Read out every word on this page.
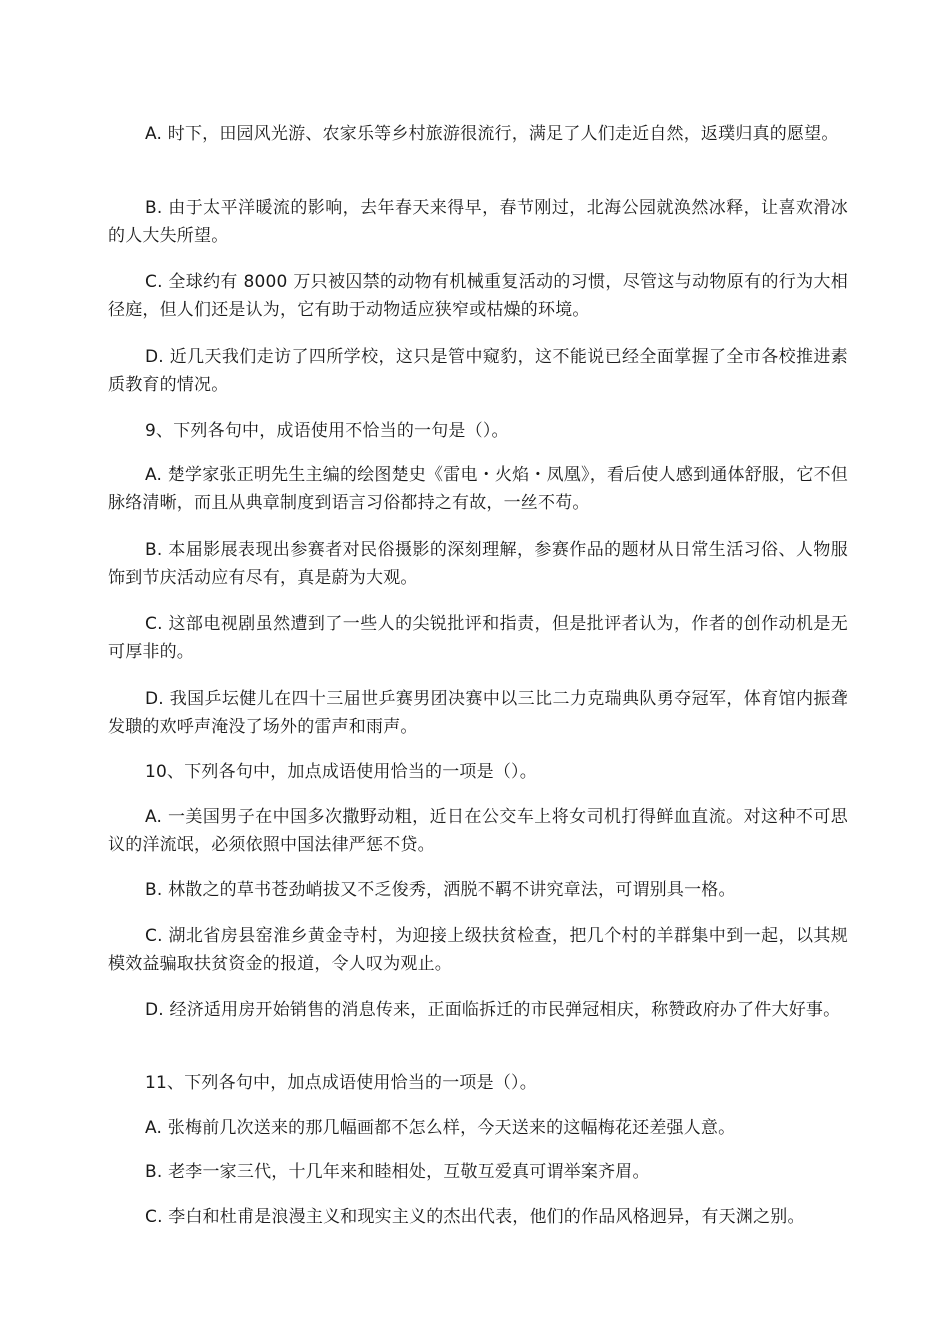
A. 时下，田园风光游、农家乐等乡村旅游很流行，满足了人们走近自然，返璞归真的愿望。

B. 由于太平洋暖流的影响，去年春天来得早，春节刚过，北海公园就涣然冰释，让喜欢滑冰的人大失所望。

C. 全球约有 8000 万只被囚禁的动物有机械重复活动的习惯，尽管这与动物原有的行为大相径庭，但人们还是认为，它有助于动物适应狭窄或枯燥的环境。

D. 近几天我们走访了四所学校，这只是管中窥豹，这不能说已经全面掌握了全市各校推进素质教育的情况。

9、下列各句中，成语使用不恰当的一句是（）。

A. 楚学家张正明先生主编的绘图楚史《雷电・火焰・凤凰》，看后使人感到通体舒服，它不但脉络清晰，而且从典章制度到语言习俗都持之有故，一丝不苟。

B. 本届影展表现出参赛者对民俗摄影的深刻理解，参赛作品的题材从日常生活习俗、人物服饰到节庆活动应有尽有，真是蔚为大观。

C. 这部电视剧虽然遭到了一些人的尖锐批评和指责，但是批评者认为，作者的创作动机是无可厚非的。

D. 我国乒坛健儿在四十三届世乒赛男团决赛中以三比二力克瑞典队勇夺冠军，体育馆内振聋发聩的欢呼声淹没了场外的雷声和雨声。

10、下列各句中，加点成语使用恰当的一项是（）。

A. 一美国男子在中国多次撒野动粗，近日在公交车上将女司机打得鲜血直流。对这种不可思议的洋流氓，必须依照中国法律严惩不贷。

B. 林散之的草书苍劲峭拔又不乏俊秀，洒脱不羁不讲究章法，可谓别具一格。

C. 湖北省房县窑淮乡黄金寺村，为迎接上级扶贫检查，把几个村的羊群集中到一起，以其规模效益骗取扶贫资金的报道，令人叹为观止。

D. 经济适用房开始销售的消息传来，正面临拆迁的市民弹冠相庆，称赞政府办了件大好事。

11、下列各句中，加点成语使用恰当的一项是（）。

A. 张梅前几次送来的那几幅画都不怎么样，今天送来的这幅梅花还差强人意。

B. 老李一家三代，十几年来和睦相处，互敬互爱真可谓举案齐眉。

C. 李白和杜甫是浪漫主义和现实主义的杰出代表，他们的作品风格迥异，有天渊之别。
